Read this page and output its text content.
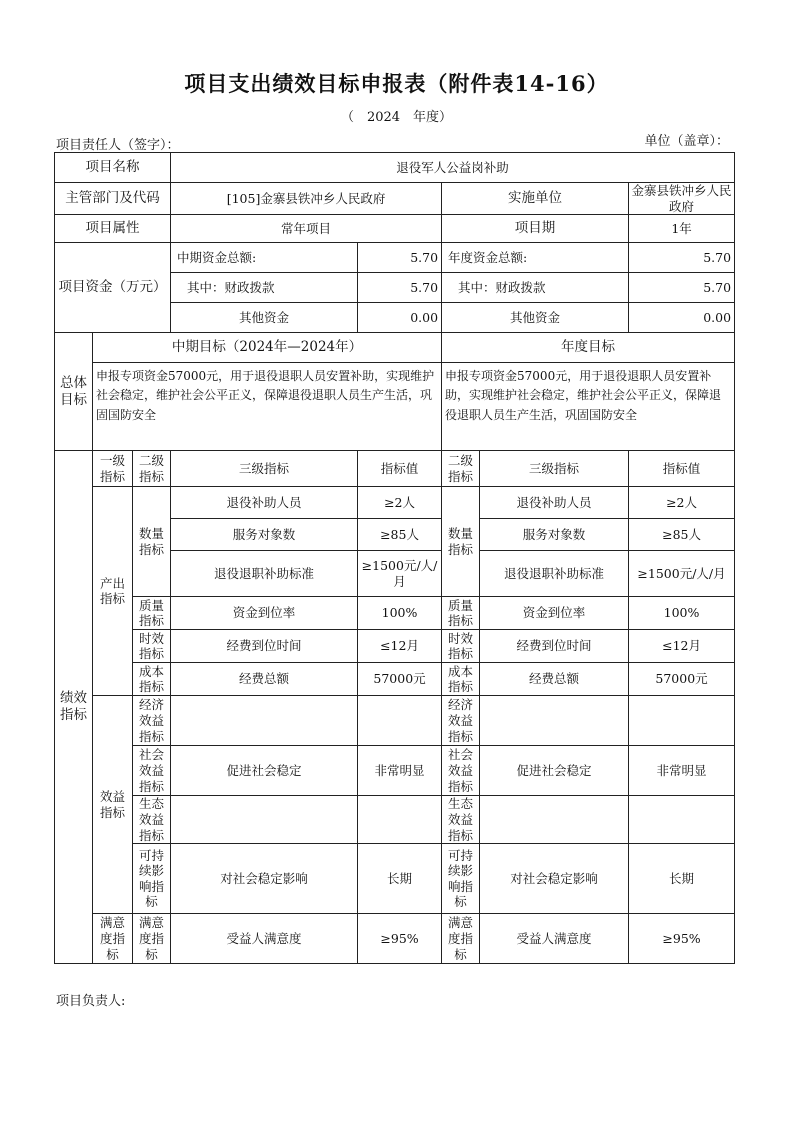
项目支出绩效目标申报表（附件表14-16）
（　2024　年度）
项目责任人（签字）：	单位（盖章）：
项目名称			退役军人公益岗补助				
主管部门及代码			[105]金寨县铁冲乡人民政府		实施单位		金寨县铁冲乡人民政府
项目属性			常年项目		项目期		1年
项目资金（万元）			中期资金总额:	5.70	年度资金总额:		5.70
			其中：财政拨款	5.70	其中：财政拨款		5.70
			其他资金	0.00	其他资金		0.00
总体目标	中期目标（2024年—2024年）				年度目标		
	申报专项资金57000元，用于退役退职人员安置补助，实现维护社会稳定，维护社会公平正义，保障退役退职人员生产生活，巩固国防安全				申报专项资金57000元，用于退役退职人员安置补助，实现维护社会稳定，维护社会公平正义，保障退役退职人员生产生活，巩固国防安全		
绩效指标	一级指标	二级指标	三级指标	指标值	二级指标	三级指标	指标值
	产出指标	数量指标	退役补助人员	≥2人	数量指标	退役补助人员	≥2人
			服务对象数	≥85人		服务对象数	≥85人
			退役退职补助标准	≥1500元/人/月		退役退职补助标准	≥1500元/人/月
		质量指标	资金到位率	100%	质量指标	资金到位率	100%
		时效指标	经费到位时间	≤12月	时效指标	经费到位时间	≤12月
		成本指标	经费总额	57000元	成本指标	经费总额	57000元
	效益指标	经济效益指标			经济效益指标		
		社会效益指标	促进社会稳定	非常明显	社会效益指标	促进社会稳定	非常明显
		生态效益指标			生态效益指标		
		可持续影响指标	对社会稳定影响	长期	可持续影响指标	对社会稳定影响	长期
	满意度指标	满意度指标	受益人满意度	≥95%	满意度指标	受益人满意度	≥95%
项目负责人:
